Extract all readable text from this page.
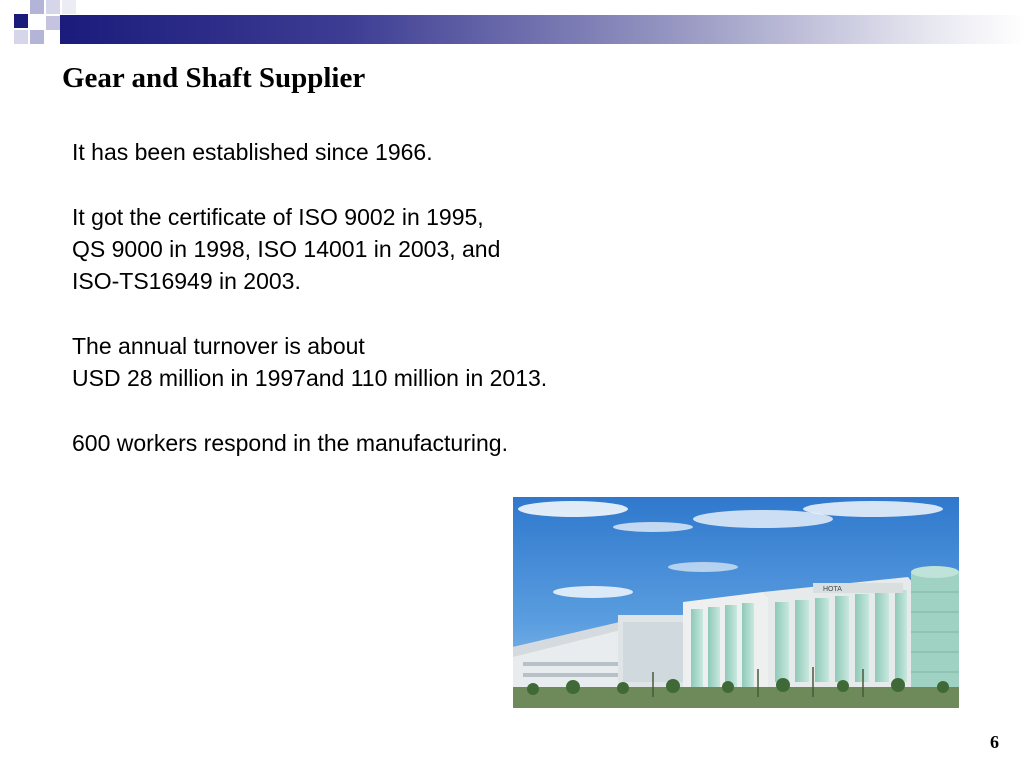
Gear and Shaft Supplier

It has been established since 1966.

It got the certificate of ISO 9002 in 1995,
QS 9000 in 1998, ISO 14001 in 2003, and
ISO-TS16949 in 2003.

The annual turnover is about
USD 28 million in 1997and 110 million in 2013.

600 workers respond in the manufacturing.

HOTA
6
